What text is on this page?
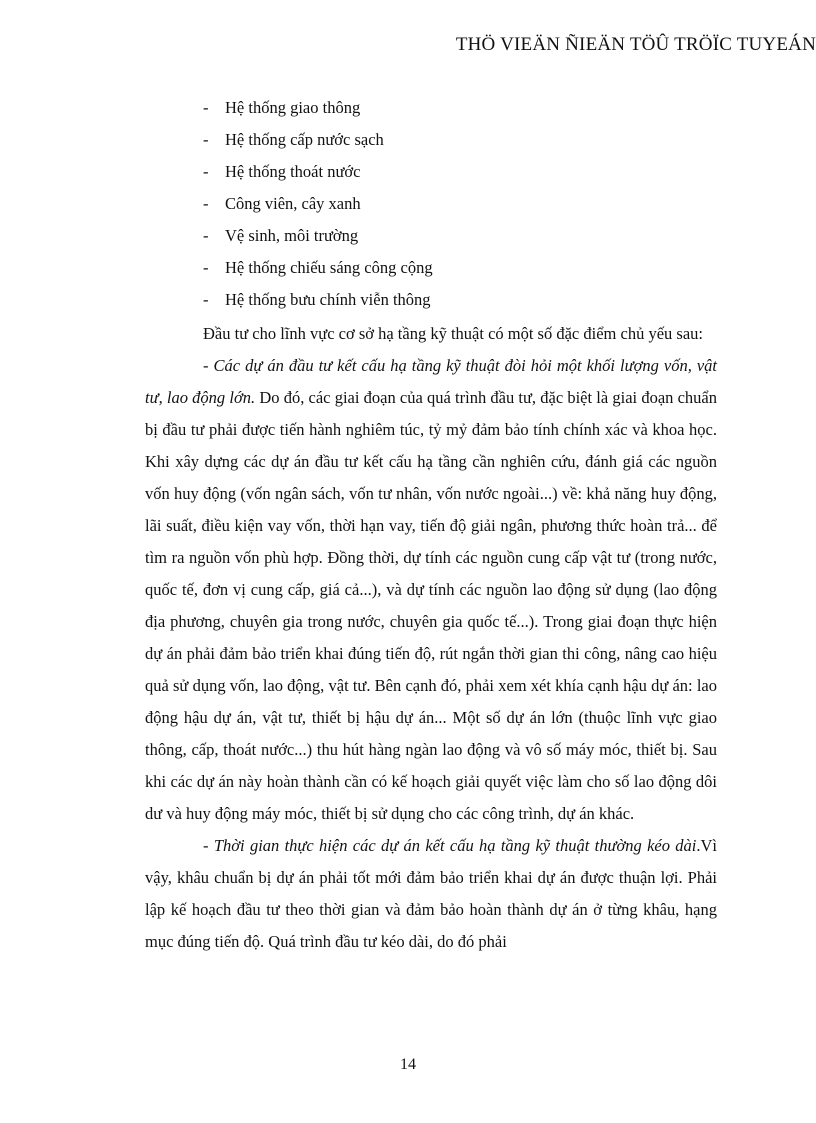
THÖ VIEÄN ÑIEÄN TÖÛ TRÖÏC TUYEÁN
- Hệ thống giao thông
- Hệ thống cấp nước sạch
- Hệ thống thoát nước
- Công viên, cây xanh
- Vệ sinh, môi trường
- Hệ thống chiếu sáng công cộng
- Hệ thống bưu chính viễn thông

Đầu tư cho lĩnh vực cơ sở hạ tầng kỹ thuật có một số đặc điểm chủ yếu sau:

- Các dự án đầu tư kết cấu hạ tầng kỹ thuật đòi hỏi một khối lượng vốn, vật tư, lao động lớn. Do đó, các giai đoạn của quá trình đầu tư, đặc biệt là giai đoạn chuẩn bị đầu tư phải được tiến hành nghiêm túc, tỷ mỷ đảm bảo tính chính xác và khoa học. Khi xây dựng các dự án đầu tư kết cấu hạ tầng cần nghiên cứu, đánh giá các nguồn vốn huy động (vốn ngân sách, vốn tư nhân, vốn nước ngoài...) về: khả năng huy động, lãi suất, điều kiện vay vốn, thời hạn vay, tiến độ giải ngân, phương thức hoàn trả... để tìm ra nguồn vốn phù hợp. Đồng thời, dự tính các nguồn cung cấp vật tư (trong nước, quốc tế, đơn vị cung cấp, giá cả...), và dự tính các nguồn lao động sử dụng (lao động địa phương, chuyên gia trong nước, chuyên gia quốc tế...). Trong giai đoạn thực hiện dự án phải đảm bảo triển khai đúng tiến độ, rút ngắn thời gian thi công, nâng cao hiệu quả sử dụng vốn, lao động, vật tư. Bên cạnh đó, phải xem xét khía cạnh hậu dự án: lao động hậu dự án, vật tư, thiết bị hậu dự án... Một số dự án lớn (thuộc lĩnh vực giao thông, cấp, thoát nước...) thu hút hàng ngàn lao động và vô số máy móc, thiết bị. Sau khi các dự án này hoàn thành cần có kế hoạch giải quyết việc làm cho số lao động dôi dư và huy động máy móc, thiết bị sử dụng cho các công trình, dự án khác.

- Thời gian thực hiện các dự án kết cấu hạ tầng kỹ thuật thường kéo dài.Vì vậy, khâu chuẩn bị dự án phải tốt mới đảm bảo triển khai dự án được thuận lợi. Phải lập kế hoạch đầu tư theo thời gian và đảm bảo hoàn thành dự án ở từng khâu, hạng mục đúng tiến độ. Quá trình đầu tư kéo dài, do đó phải

14
